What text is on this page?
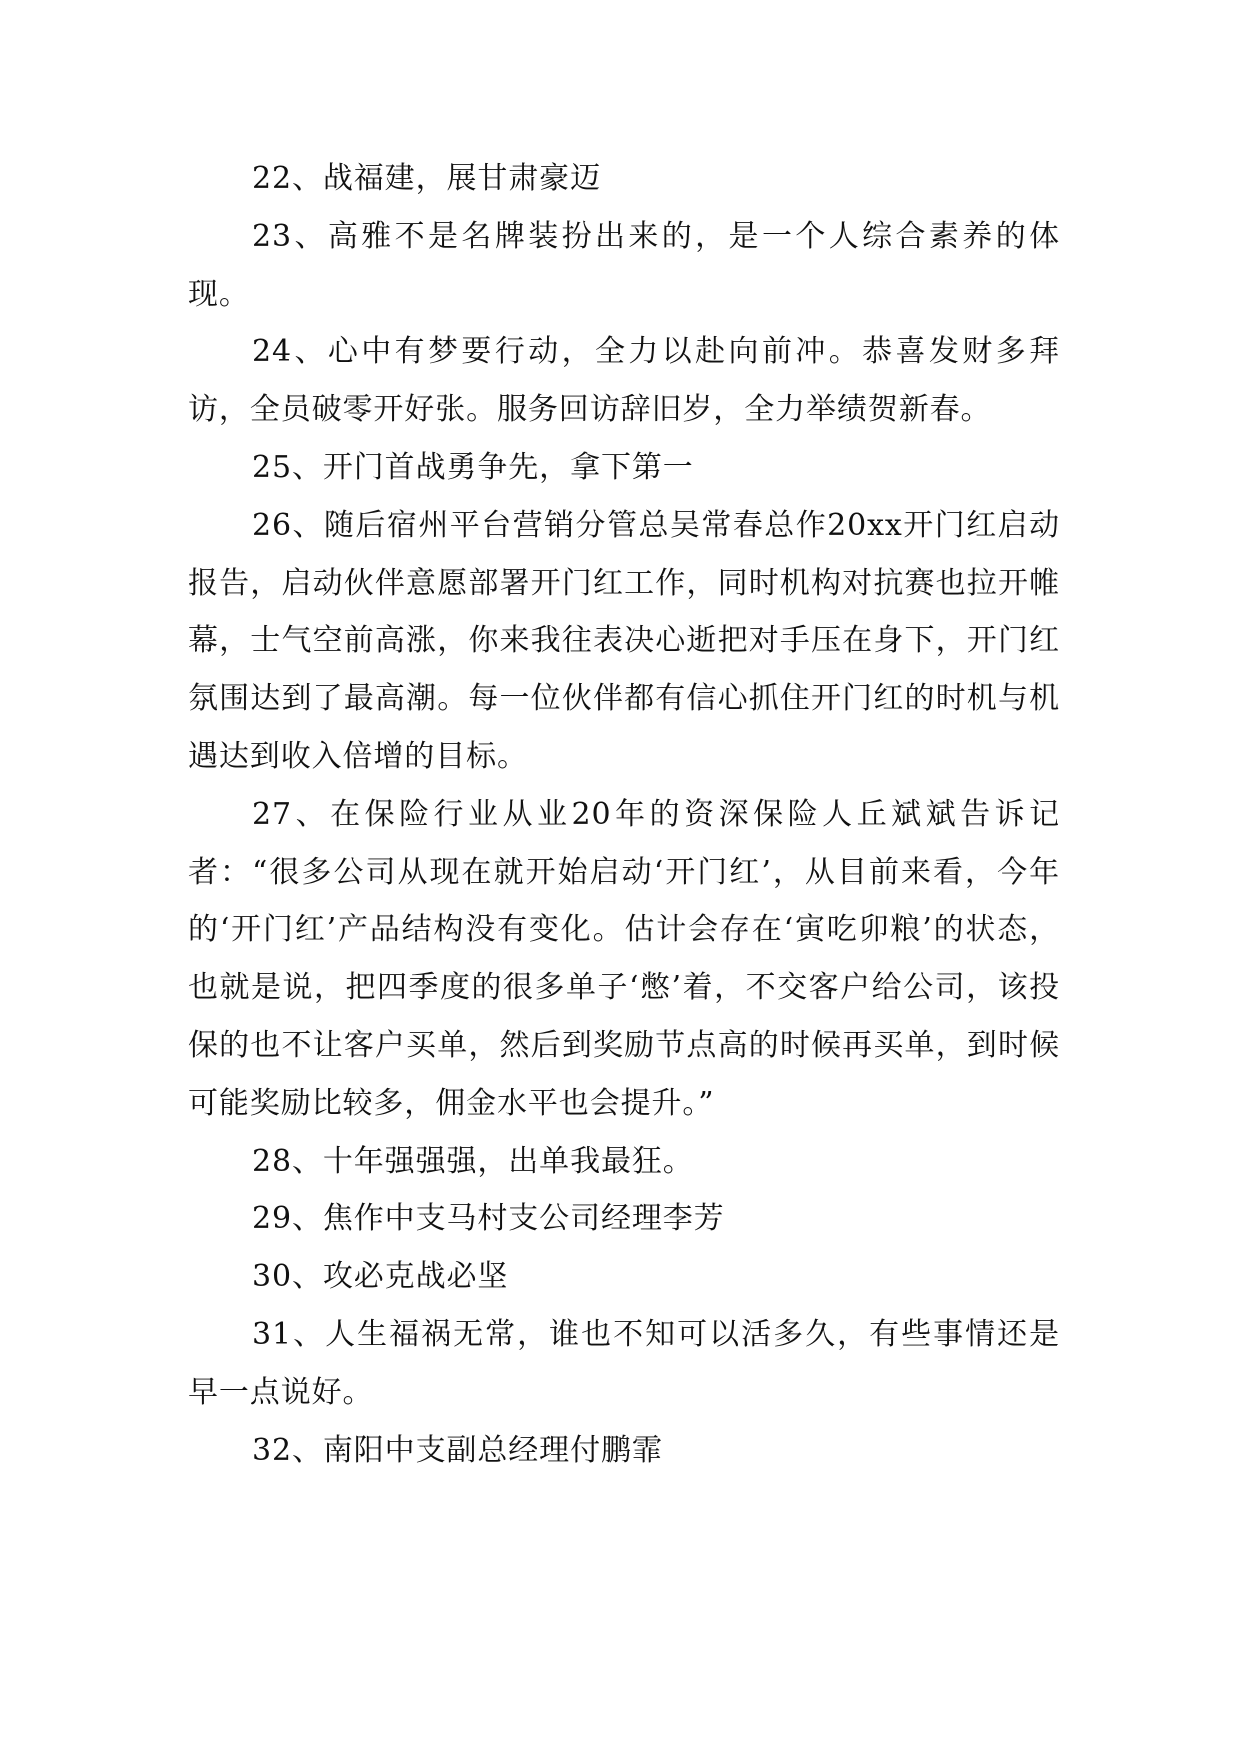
22、战福建，展甘肃豪迈

23、高雅不是名牌装扮出来的，是一个人综合素养的体现。

24、心中有梦要行动，全力以赴向前冲。恭喜发财多拜访，全员破零开好张。服务回访辞旧岁，全力举绩贺新春。

25、开门首战勇争先，拿下第一

26、随后宿州平台营销分管总吴常春总作20xx开门红启动报告，启动伙伴意愿部署开门红工作，同时机构对抗赛也拉开帷幕，士气空前高涨，你来我往表决心逝把对手压在身下，开门红氛围达到了最高潮。每一位伙伴都有信心抓住开门红的时机与机遇达到收入倍增的目标。

27、在保险行业从业20年的资深保险人丘斌斌告诉记者：“很多公司从现在就开始启动‘开门红’，从目前来看，今年的‘开门红’产品结构没有变化。估计会存在‘寅吃卯粮’的状态，也就是说，把四季度的很多单子‘憋’着，不交客户给公司，该投保的也不让客户买单，然后到奖励节点高的时候再买单，到时候可能奖励比较多，佣金水平也会提升。”

28、十年强强强，出单我最狂。

29、焦作中支马村支公司经理李芳

30、攻必克战必坚

31、人生福祸无常，谁也不知可以活多久，有些事情还是早一点说好。

32、南阳中支副总经理付鹏霏
